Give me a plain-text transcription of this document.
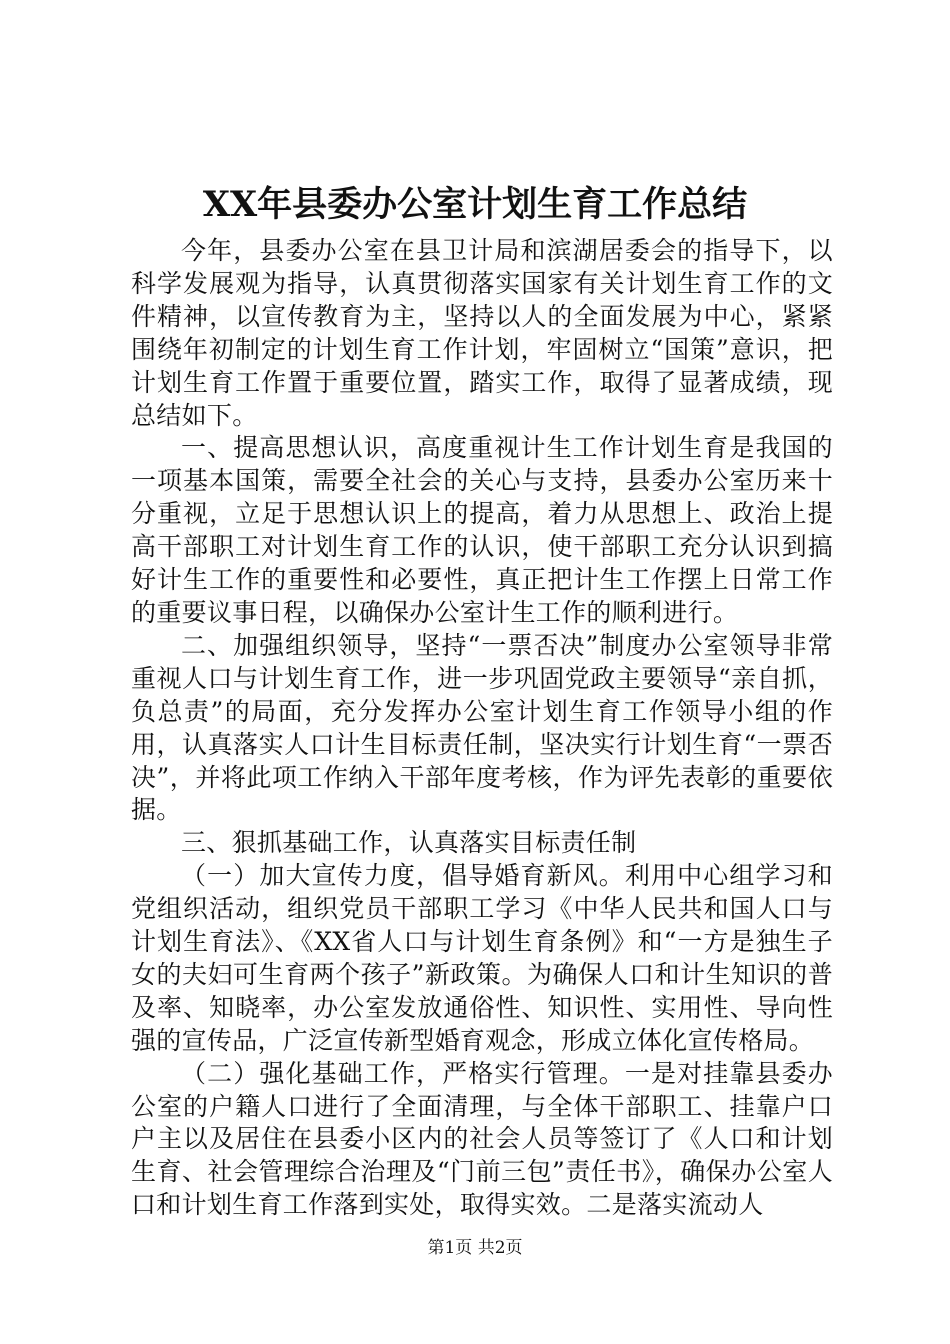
XX年县委办公室计划生育工作总结

今年，县委办公室在县卫计局和滨湖居委会的指导下，以科学发展观为指导，认真贯彻落实国家有关计划生育工作的文件精神，以宣传教育为主，坚持以人的全面发展为中心，紧紧围绕年初制定的计划生育工作计划，牢固树立“国策”意识，把计划生育工作置于重要位置，踏实工作，取得了显著成绩，现总结如下。

一、提高思想认识，高度重视计生工作计划生育是我国的一项基本国策，需要全社会的关心与支持，县委办公室历来十分重视，立足于思想认识上的提高，着力从思想上、政治上提高干部职工对计划生育工作的认识，使干部职工充分认识到搞好计生工作的重要性和必要性，真正把计生工作摆上日常工作的重要议事日程，以确保办公室计生工作的顺利进行。

二、加强组织领导，坚持“一票否决”制度办公室领导非常重视人口与计划生育工作，进一步巩固党政主要领导“亲自抓，负总责”的局面，充分发挥办公室计划生育工作领导小组的作用，认真落实人口计生目标责任制，坚决实行计划生育“一票否决”，并将此项工作纳入干部年度考核，作为评先表彰的重要依据。

三、狠抓基础工作，认真落实目标责任制

（一）加大宣传力度，倡导婚育新风。利用中心组学习和党组织活动，组织党员干部职工学习《中华人民共和国人口与计划生育法》、《XX省人口与计划生育条例》和“一方是独生子女的夫妇可生育两个孩子”新政策。为确保人口和计生知识的普及率、知晓率，办公室发放通俗性、知识性、实用性、导向性强的宣传品，广泛宣传新型婚育观念，形成立体化宣传格局。

（二）强化基础工作，严格实行管理。一是对挂靠县委办公室的户籍人口进行了全面清理，与全体干部职工、挂靠户口户主以及居住在县委小区内的社会人员等签订了《人口和计划生育、社会管理综合治理及“门前三包”责任书》，确保办公室人口和计划生育工作落到实处，取得实效。二是落实流动人

第1页 共2页
